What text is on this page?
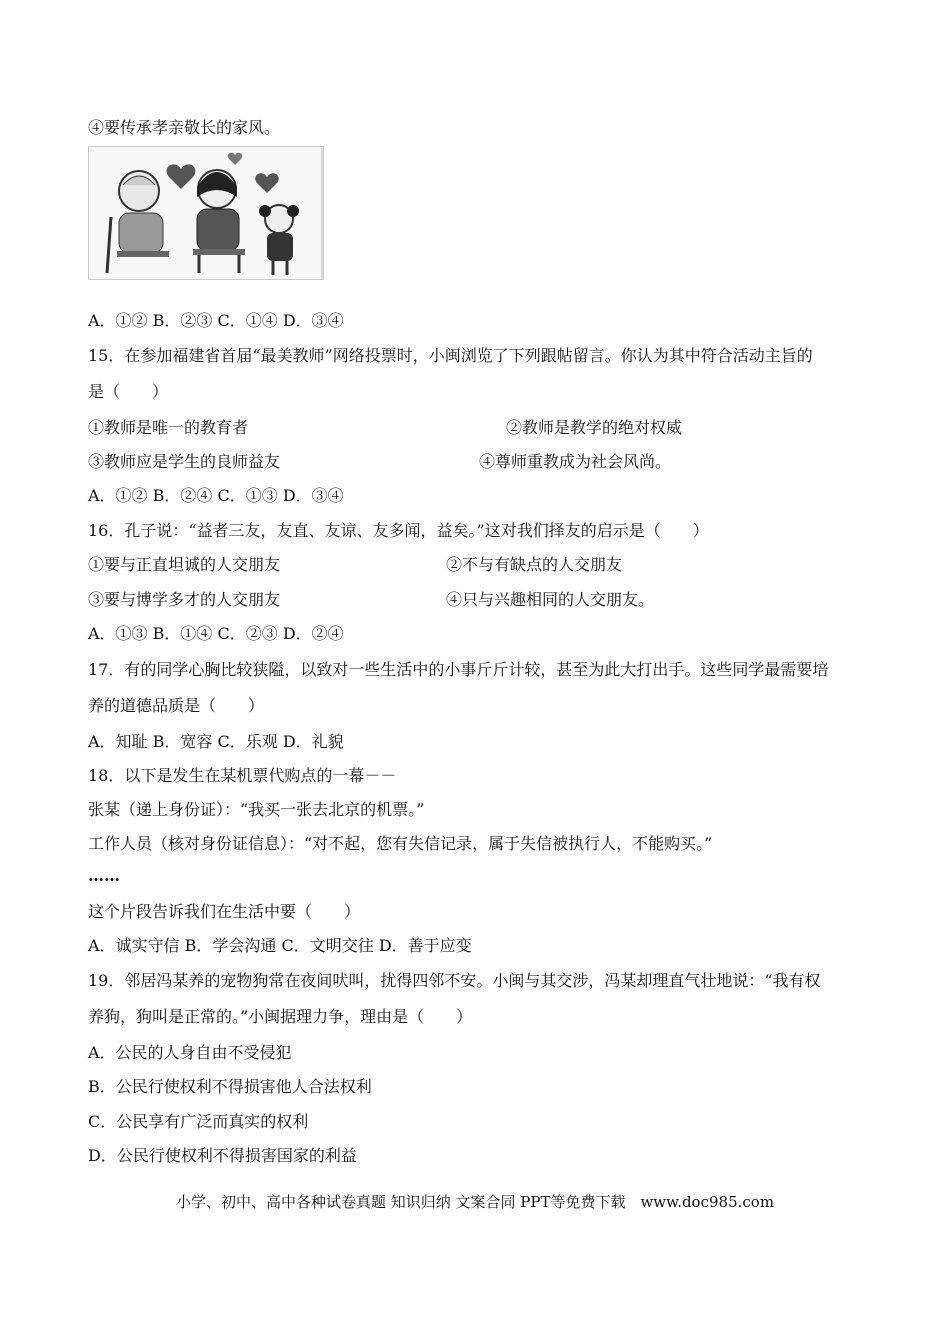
④要传承孝亲敬长的家风。
A．①② B．②③ C．①④ D．③④
15．在参加福建省首届“最美教师”网络投票时，小闽浏览了下列跟帖留言。你认为其中符合活动主旨的
是（　　）
①教师是唯一的教育者	②教师是教学的绝对权威
③教师应是学生的良师益友	④尊师重教成为社会风尚。
A．①② B．②④ C．①③ D．③④
16．孔子说：“益者三友，友直、友谅、友多闻，益矣。”这对我们择友的启示是（　　）
①要与正直坦诚的人交朋友	②不与有缺点的人交朋友
③要与博学多才的人交朋友	④只与兴趣相同的人交朋友。
A．①③ B．①④ C．②③ D．②④
17．有的同学心胸比较狭隘，以致对一些生活中的小事斤斤计较，甚至为此大打出手。这些同学最需要培
养的道德品质是（　　）
A．知耻 B．宽容 C．乐观 D．礼貌
18．以下是发生在某机票代购点的一幕－－
张某（递上身份证）：“我买一张去北京的机票。”
工作人员（核对身份证信息）：“对不起，您有失信记录，属于失信被执行人，不能购买。”
……
这个片段告诉我们在生活中要（　　）
A．诚实守信 B．学会沟通 C．文明交往 D．善于应变
19．邻居冯某养的宠物狗常在夜间吠叫，扰得四邻不安。小闽与其交涉，冯某却理直气壮地说：“我有权
养狗，狗叫是正常的。”小闽据理力争，理由是（　　）
A．公民的人身自由不受侵犯
B．公民行使权利不得损害他人合法权利
C．公民享有广泛而真实的权利
D．公民行使权利不得损害国家的利益
小学、初中、高中各种试卷真题 知识归纳 文案合同 PPT等免费下载　www.doc985.com
